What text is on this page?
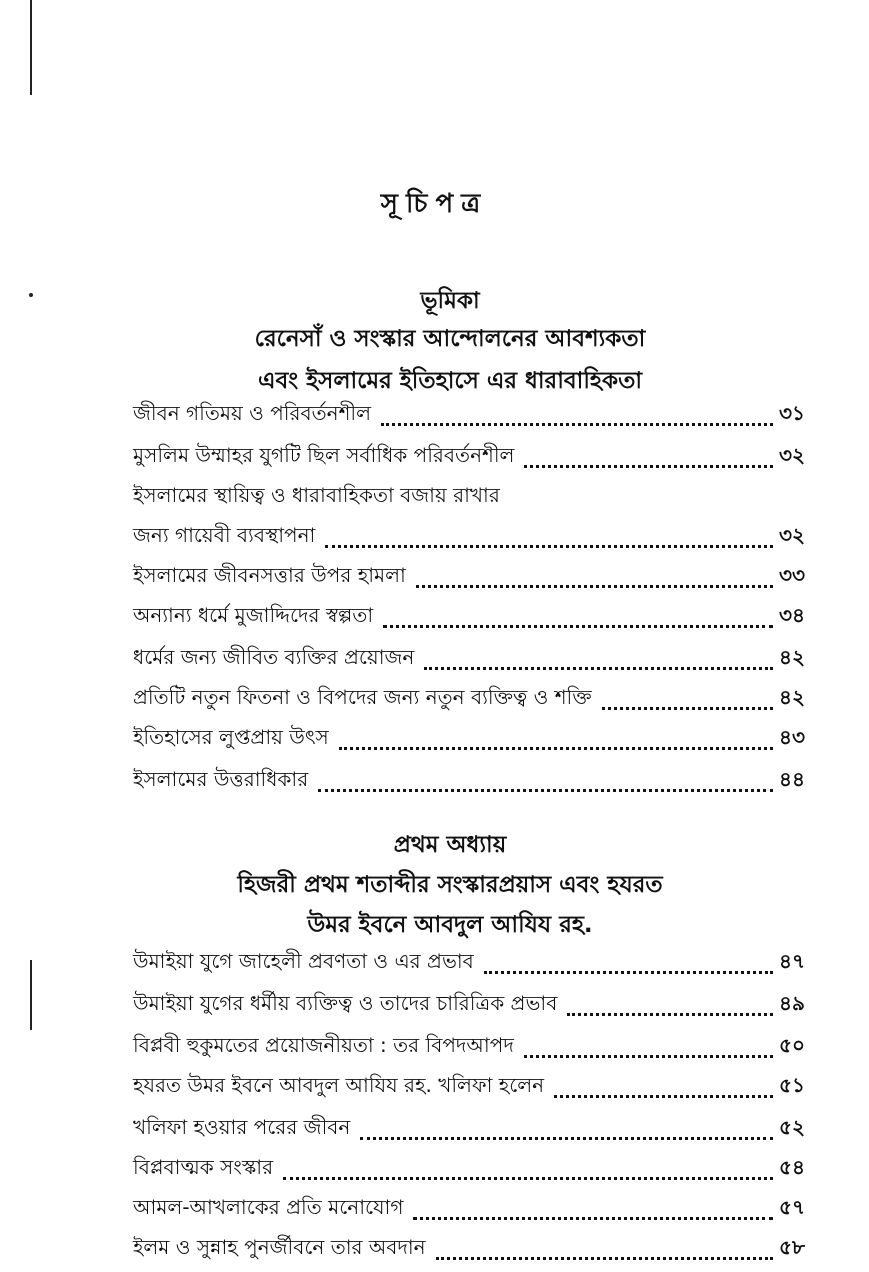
সূচিপত্র
ভূমিকা
রেনেসাঁ ও সংস্কার আন্দোলনের আবশ্যকতা
এবং ইসলামের ইতিহাসে এর ধারাবাহিকতা
জীবন গতিময় ও পরিবর্তনশীল	৩১
মুসলিম উম্মাহর যুগটি ছিল সর্বাধিক পরিবর্তনশীল	৩২
ইসলামের স্থায়িত্ব ও ধারাবাহিকতা বজায় রাখার
জন্য গায়েবী ব্যবস্থাপনা	৩২
ইসলামের জীবনসত্তার উপর হামলা	৩৩
অন্যান্য ধর্মে মুজাদ্দিদের স্বল্পতা	৩৪
ধর্মের জন্য জীবিত ব্যক্তির প্রয়োজন	৪২
প্রতিটি নতুন ফিতনা ও বিপদের জন্য নতুন ব্যক্তিত্ব ও শক্তি	৪২
ইতিহাসের লুপ্তপ্রায় উৎস	৪৩
ইসলামের উত্তরাধিকার	৪৪
প্রথম অধ্যায়
হিজরী প্রথম শতাব্দীর সংস্কারপ্রয়াস এবং হযরত
উমর ইবনে আবদুল আযিয রহ.
উমাইয়া যুগে জাহেলী প্রবণতা ও এর প্রভাব	৪৭
উমাইয়া যুগের ধর্মীয় ব্যক্তিত্ব ও তাদের চারিত্রিক প্রভাব	৪৯
বিপ্লবী হুকুমতের প্রয়োজনীয়তা : তর বিপদআপদ	৫০
হযরত উমর ইবনে আবদুল আযিয রহ. খলিফা হলেন	৫১
খলিফা হওয়ার পরের জীবন	৫২
বিপ্লবাত্মক সংস্কার	৫৪
আমল-আখলাকের প্রতি মনোযোগ	৫৭
ইলম ও সুন্নাহ পুনর্জীবনে তার অবদান	৫৮
